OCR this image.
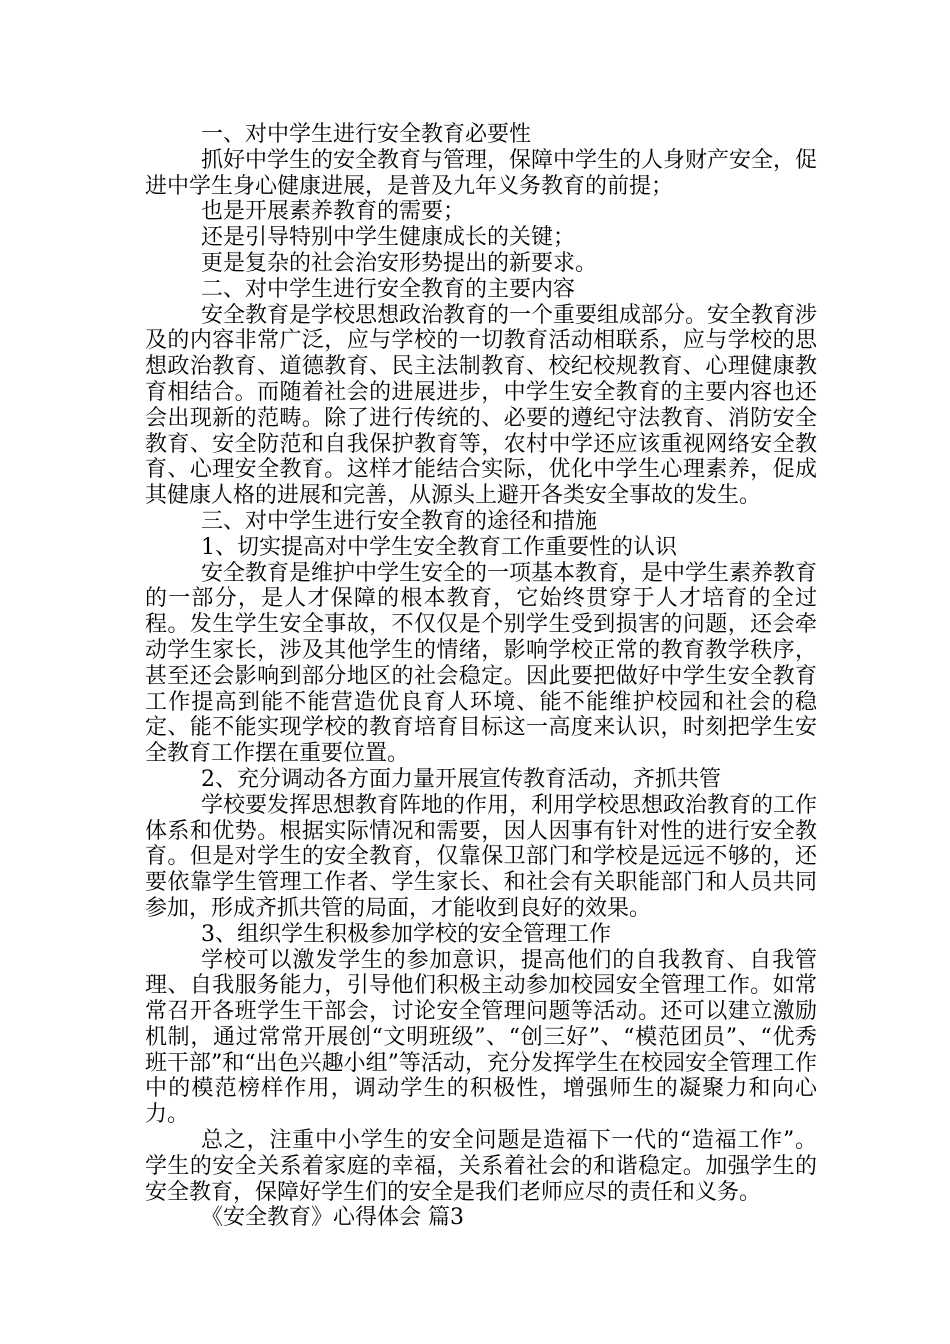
一、对中学生进行安全教育必要性

抓好中学生的安全教育与管理，保障中学生的人身财产安全，促进中学生身心健康进展，是普及九年义务教育的前提；

也是开展素养教育的需要；

还是引导特别中学生健康成长的关键；

更是复杂的社会治安形势提出的新要求。

二、对中学生进行安全教育的主要内容

安全教育是学校思想政治教育的一个重要组成部分。安全教育涉及的内容非常广泛，应与学校的一切教育活动相联系，应与学校的思想政治教育、道德教育、民主法制教育、校纪校规教育、心理健康教育相结合。而随着社会的进展进步，中学生安全教育的主要内容也还会出现新的范畴。除了进行传统的、必要的遵纪守法教育、消防安全教育、安全防范和自我保护教育等，农村中学还应该重视网络安全教育、心理安全教育。这样才能结合实际，优化中学生心理素养，促成其健康人格的进展和完善，从源头上避开各类安全事故的发生。

三、对中学生进行安全教育的途径和措施

1、切实提高对中学生安全教育工作重要性的认识

安全教育是维护中学生安全的一项基本教育，是中学生素养教育的一部分，是人才保障的根本教育，它始终贯穿于人才培育的全过程。发生学生安全事故，不仅仅是个别学生受到损害的问题，还会牵动学生家长，涉及其他学生的情绪，影响学校正常的教育教学秩序，甚至还会影响到部分地区的社会稳定。因此要把做好中学生安全教育工作提高到能不能营造优良育人环境、能不能维护校园和社会的稳定、能不能实现学校的教育培育目标这一高度来认识，时刻把学生安全教育工作摆在重要位置。

2、充分调动各方面力量开展宣传教育活动，齐抓共管

学校要发挥思想教育阵地的作用，利用学校思想政治教育的工作体系和优势。根据实际情况和需要，因人因事有针对性的进行安全教育。但是对学生的安全教育，仅靠保卫部门和学校是远远不够的，还要依靠学生管理工作者、学生家长、和社会有关职能部门和人员共同参加，形成齐抓共管的局面，才能收到良好的效果。

3、组织学生积极参加学校的安全管理工作

学校可以激发学生的参加意识，提高他们的自我教育、自我管理、自我服务能力，引导他们积极主动参加校园安全管理工作。如常常召开各班学生干部会，讨论安全管理问题等活动。还可以建立激励机制，通过常常开展创“文明班级”、“创三好”、“模范团员”、“优秀班干部”和“出色兴趣小组”等活动，充分发挥学生在校园安全管理工作中的模范榜样作用，调动学生的积极性，增强师生的凝聚力和向心力。

总之，注重中小学生的安全问题是造福下一代的“造福工作”。学生的安全关系着家庭的幸福，关系着社会的和谐稳定。加强学生的安全教育，保障好学生们的安全是我们老师应尽的责任和义务。

《安全教育》心得体会 篇3
